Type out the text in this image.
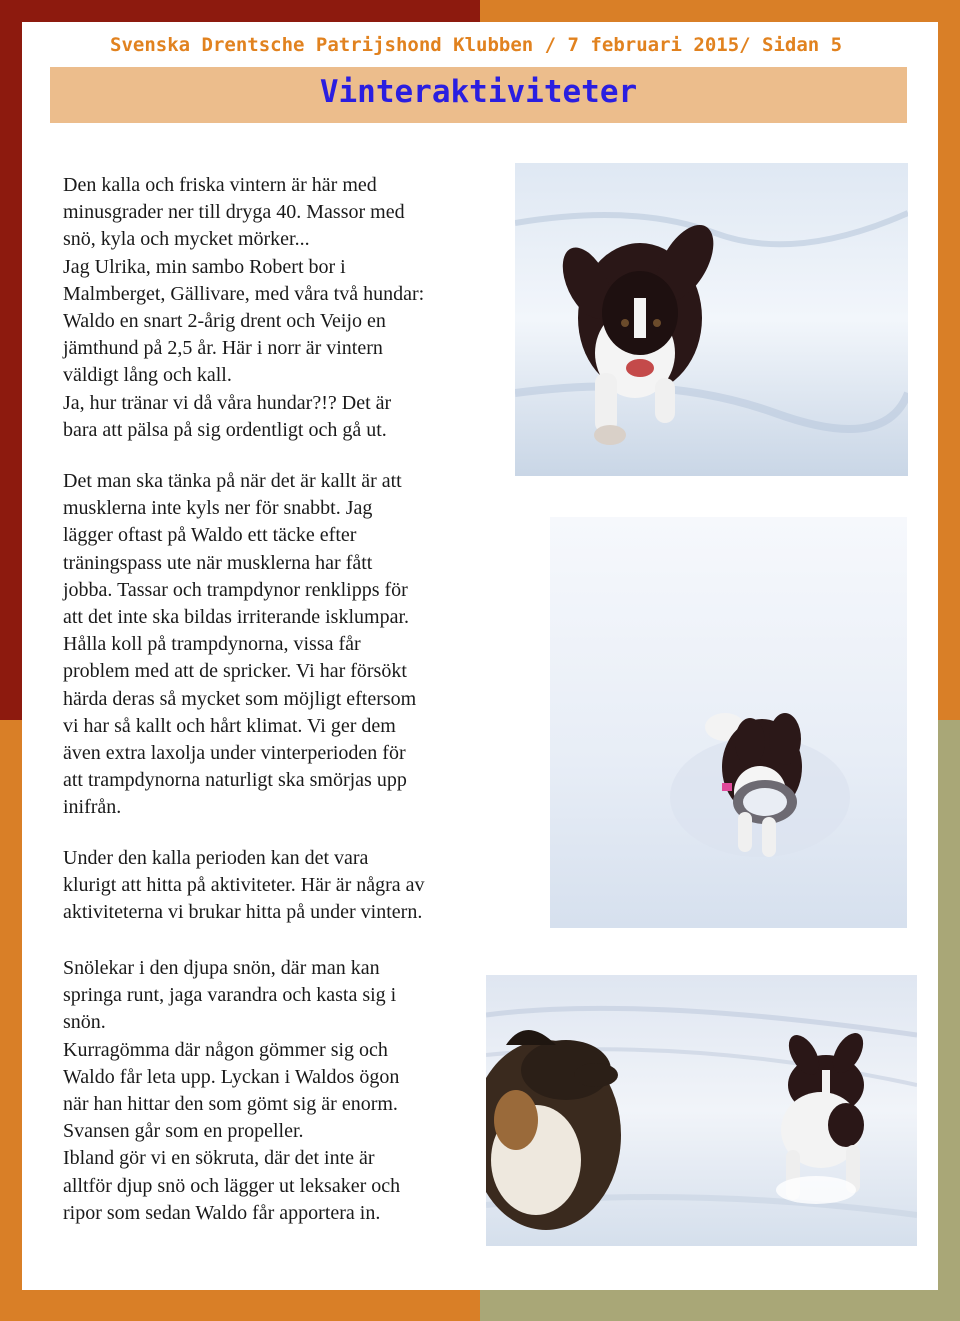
Svenska Drentsche Patrijshond Klubben / 7 februari 2015/ Sidan 5
Vinteraktiviteter
Den kalla och friska vintern är här med
minusgrader ner till dryga 40. Massor med
snö, kyla och mycket mörker...
Jag Ulrika, min sambo Robert bor i
Malmberget, Gällivare, med våra två hundar:
Waldo en snart 2-årig drent och Veijo en
jämthund på 2,5 år. Här i norr är vintern
väldigt lång och kall.
Ja, hur tränar vi då våra hundar?!? Det är
bara att pälsa på sig ordentligt och gå ut.
Det man ska tänka på när det är kallt är att
musklerna inte kyls ner för snabbt. Jag
lägger oftast på Waldo ett täcke efter
träningspass ute när musklerna har fått
jobba. Tassar och trampdynor renklipps för
att det inte ska bildas irriterande isklumpar.
Hålla koll på trampdynorna, vissa får
problem med att de spricker. Vi har försökt
härda deras så mycket som möjligt eftersom
vi har så kallt och hårt klimat. Vi ger dem
även extra laxolja under vinterperioden för
att trampdynorna naturligt ska smörjas upp
inifrån.
Under den kalla perioden kan det vara
klurigt att hitta på aktiviteter. Här är några av
aktiviteterna vi brukar hitta på under vintern.
Snölekar i den djupa snön, där man kan
springa runt, jaga varandra och kasta sig i
snön.
Kurragömma där någon gömmer sig och
Waldo får leta upp. Lyckan i Waldos ögon
när han hittar den som gömt sig är enorm.
Svansen går som en propeller.
Ibland gör vi en sökruta, där det inte är
alltför djup snö och lägger ut leksaker och
ripor som sedan Waldo får apportera in.
